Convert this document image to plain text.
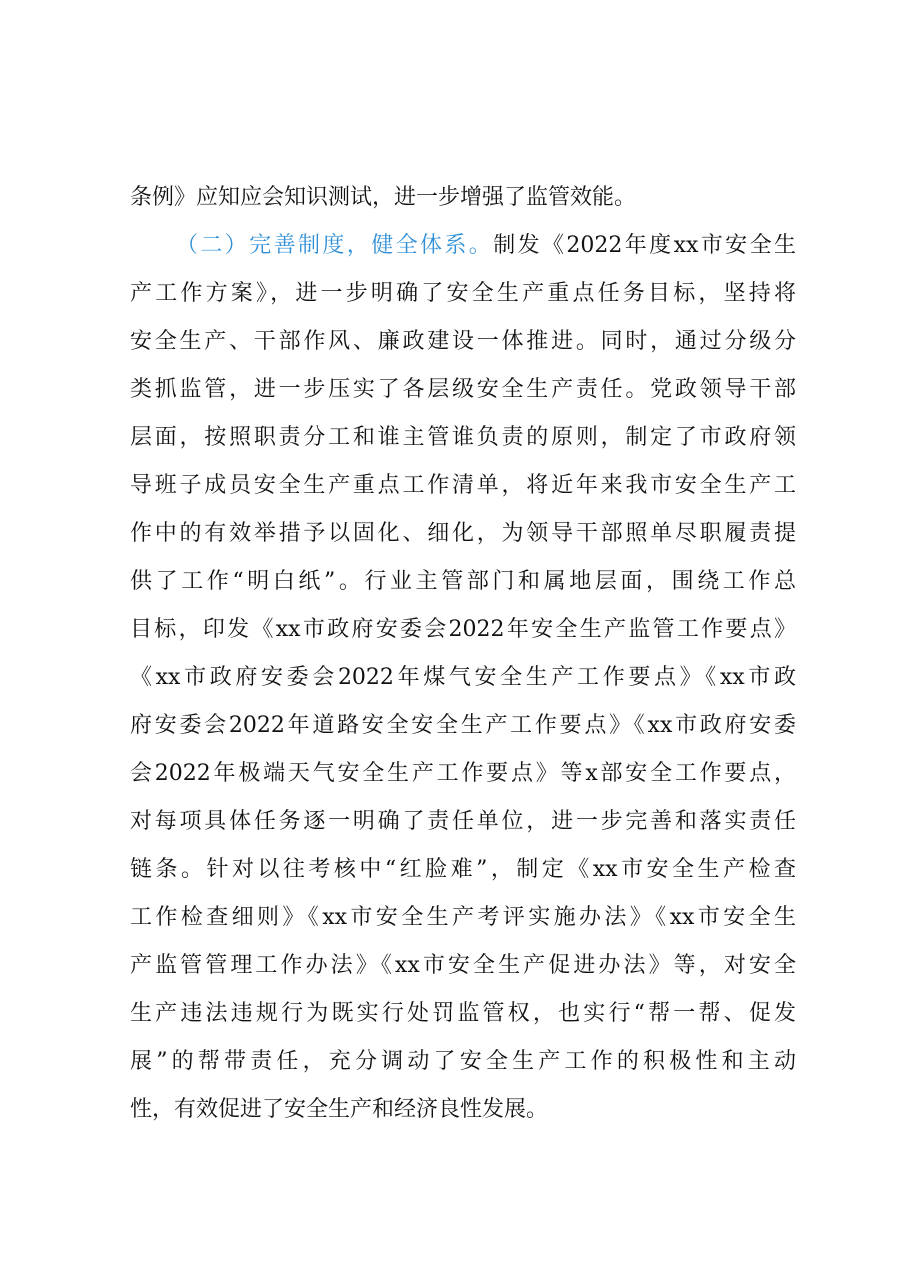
条例》应知应会知识测试，进一步增强了监管效能。
（二）完善制度，健全体系。制发《2022年度xx市安全生
产工作方案》，进一步明确了安全生产重点任务目标，坚持将
安全生产、干部作风、廉政建设一体推进。同时，通过分级分
类抓监管，进一步压实了各层级安全生产责任。党政领导干部
层面，按照职责分工和谁主管谁负责的原则，制定了市政府领
导班子成员安全生产重点工作清单，将近年来我市安全生产工
作中的有效举措予以固化、细化，为领导干部照单尽职履责提
供了工作“明白纸”。行业主管部门和属地层面，围绕工作总
目标，印发《xx市政府安委会2022年安全生产监管工作要点》
《xx市政府安委会2022年煤气安全生产工作要点》《xx市政
府安委会2022年道路安全安全生产工作要点》《xx市政府安委
会2022年极端天气安全生产工作要点》等x部安全工作要点，
对每项具体任务逐一明确了责任单位，进一步完善和落实责任
链条。针对以往考核中“红脸难”，制定《xx市安全生产检查
工作检查细则》《xx市安全生产考评实施办法》《xx市安全生
产监管管理工作办法》《xx市安全生产促进办法》等，对安全
生产违法违规行为既实行处罚监管权，也实行“帮一帮、促发
展”的帮带责任，充分调动了安全生产工作的积极性和主动
性，有效促进了安全生产和经济良性发展。
